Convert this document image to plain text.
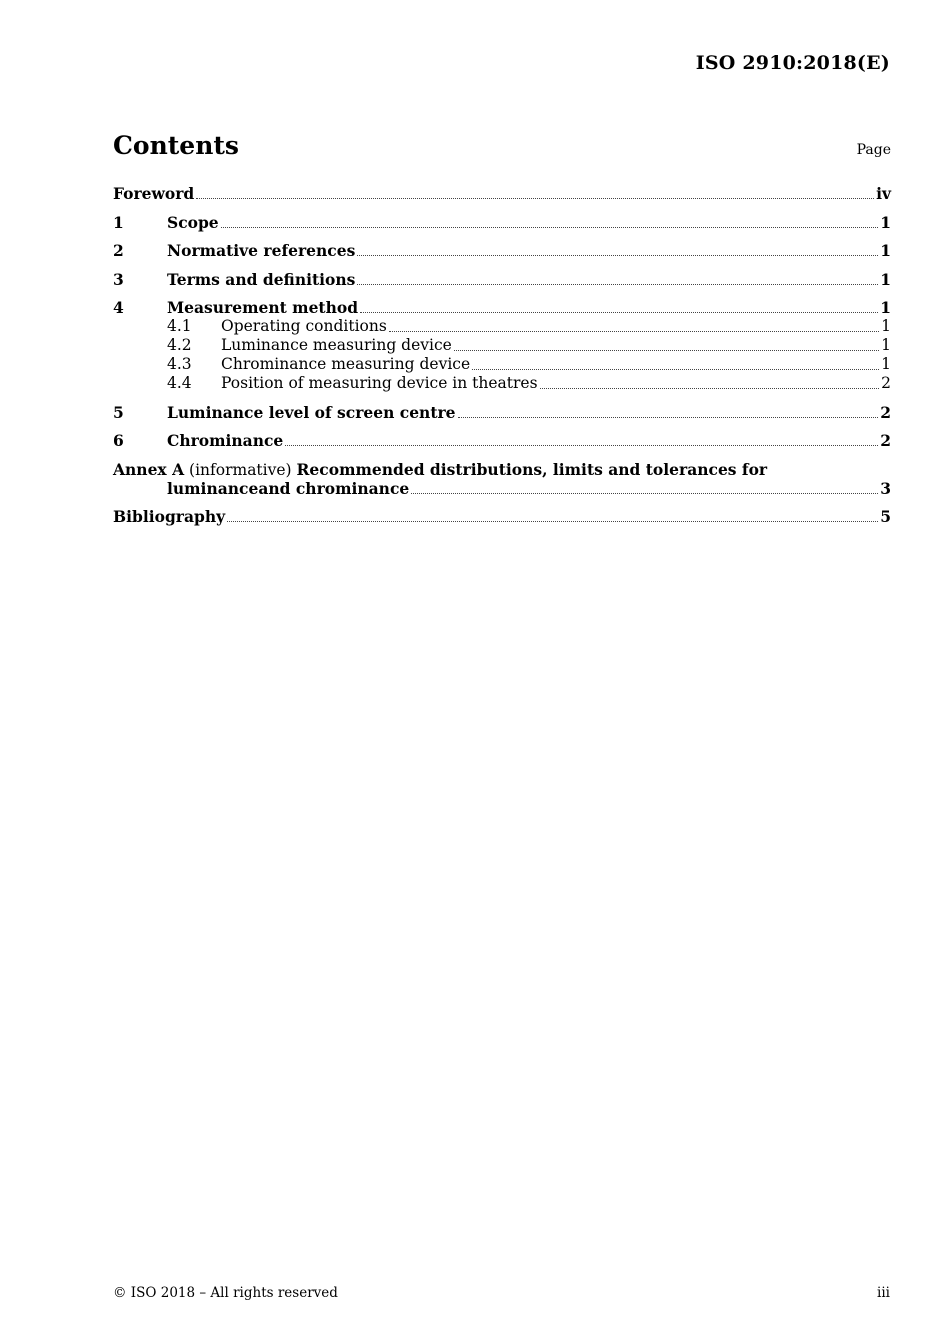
ISO 2910:2018(E)
Contents	Page
Foreword	iv
1	Scope	1
2	Normative references	1
3	Terms and definitions	1
4	Measurement method	1
4.1	Operating conditions	1
4.2	Luminance measuring device	1
4.3	Chrominance measuring device	1
4.4	Position of measuring device in theatres	2
5	Luminance level of screen centre	2
6	Chrominance	2
Annex A (informative) Recommended distributions, limits and tolerances for
luminanceand chrominance	3
Bibliography	5
© ISO 2018 – All rights reserved	iii
